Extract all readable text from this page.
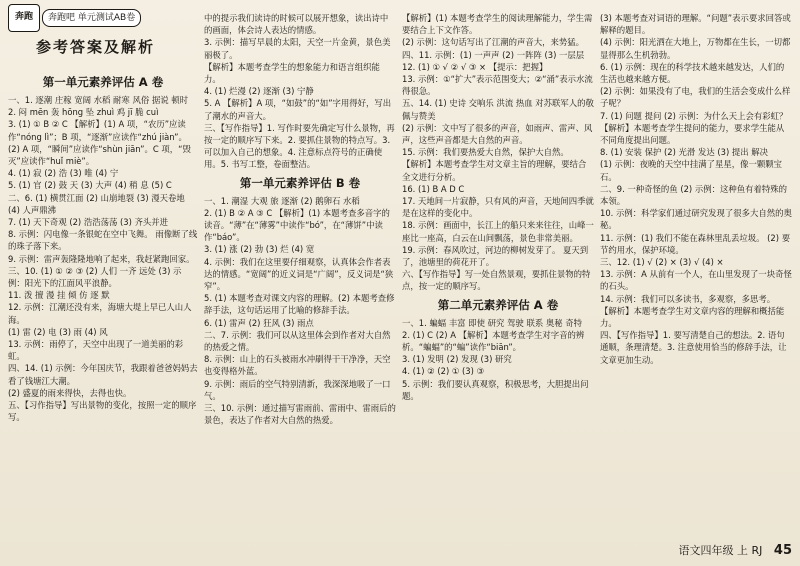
奔跑	奔跑吧 单元测试AB卷
参考答案及解析
第一单元素养评估 A 卷

一、1. 逐潮 庄稼 宽阔 水稻 耐寒 风俗 据说 顿时

2. 闷 mēn 轰 hōng 坠 zhuì 鸡 jī 脆 cuì

3. (1) ① B ② C 【解析】(1) A 项，“农历”应读作“nóng lì”；B 项，“逐渐”应读作“zhú jiàn”。(2) A 项，“瞬间”应读作“shùn jiān”。C 项，“毁灭”应读作“huǐ miè”。

4. (1) 寂 (2) 浩 (3) 唯 (4) 宁

5. (1) 官 (2) 鼓 天 (3) 大声 (4) 稍 息 (5) C

二、6. (1) 横贯江面 (2) 山崩地裂 (3) 漫天卷地 (4) 人声鼎沸

7. (1) 天下奇观 (2) 浩浩荡荡 (3) 齐头并进

8. 示例：闪电像一条银蛇在空中飞舞。 雨像断了线的珠子落下来。

9. 示例：雷声轰隆隆地响了起来，我赶紧跑回家。

三、10. (1) ① ② ③ (2) 人们 一齐 远处 (3) 示例：阳光下的江面风平浪静。

11. 泼 擅 漫 挂 倾 仿 逐 默

12. 示例：江潮还没有来，海塘大堤上早已人山人海。

(1) 雷 (2) 电 (3) 雨 (4) 风

13. 示例：雨停了，天空中出现了一道美丽的彩虹。

四、14. (1) 示例：今年国庆节，我跟着爸爸妈妈去看了钱塘江大潮。

(2) 盛夏的雨来得快，去得也快。

五、【习作指导】写出景物的变化，按照一定的顺序写。

中的提示我们读诗的时候可以展开想象，读出诗中的画面，体会诗人表达的情感。

3. 示例：描写早晨的太阳，天空一片金黄，景色美丽极了。

【解析】本题考查学生的想象能力和语言组织能力。

4. (1) 烂漫 (2) 逐渐 (3) 宁静

5. A 【解析】A 项，“如鼓”的“如”字用得好，写出了潮水的声音大。

三、【写作指导】1. 写作时要先确定写什么景物，再按一定的顺序写下来。2. 要抓住景物的特点写。3. 可以加入自己的想象。4. 注意标点符号的正确使用。5. 书写工整，卷面整洁。

第一单元素养评估 B 卷

一、1. 潮湿 大观 旅 逐渐 (2) 鹅卵石 水稻

2. (1) B ② A ③ C 【解析】(1) 本题考查多音字的读音。“薄”在“薄雾”中读作“bó”，在“薄饼”中读作“báo”。

3. (1) 涨 (2) 勃 (3) 烂 (4) 宽

4. 示例：我们在这里要仔细观察，认真体会作者表达的情感。“宽阔”的近义词是“广阔”，反义词是“狭窄”。

5. (1) 本题考查对课文内容的理解。(2) 本题考查修辞手法，这句话运用了比喻的修辞手法。

6. (1) 雷声 (2) 狂风 (3) 雨点

二、7. 示例：我们可以从这里体会到作者对大自然的热爱之情。

8. 示例：山上的石头被雨水冲刷得干干净净，天空也变得格外蓝。

9. 示例：雨后的空气特别清新，我深深地吸了一口气。

三、10. 示例：通过描写雷雨前、雷雨中、雷雨后的景色，表达了作者对大自然的热爱。

【解析】(1) 本题考查学生的阅读理解能力，学生需要结合上下文作答。

(2) 示例：这句话写出了江潮的声音大，来势猛。

四、11. 示例：(1) 一声声 (2) 一阵阵 (3) 一层层

12. (1) ① √ ② √ ③ × 【提示：把握】

13. 示例：①“扩大”表示范围变大；②“涌”表示水流得很急。

五、14. (1) 史诗 交响乐 洪流 热血 对苏联军人的敬佩与赞美

(2) 示例：文中写了很多的声音，如雨声、雷声、风声，这些声音都是大自然的声音。

15. 示例：我们要热爱大自然，保护大自然。

【解析】本题考查学生对文章主旨的理解，要结合全文进行分析。

16. (1) B A D C

17. 天地间一片寂静，只有风的声音，天地间四季就是在这样的变化中。

18. 示例：画面中，长江上的船只来来往往，山峰一座比一座高，白云在山间飘荡，景色非常美丽。

19. 示例：春风吹过，河边的柳树发芽了。 夏天到了，池塘里的荷花开了。

六、【写作指导】写一处自然景观，要抓住景物的特点，按一定的顺序写。

第二单元素养评估 A 卷

一、1. 蝙蝠 丰富 即使 研究 驾驶 联系 奥秘 奇特

2. (1) C (2) A 【解析】本题考查学生对字音的辨析。“蝙蝠”的“蝙”读作“biān”。

3. (1) 发明 (2) 发现 (3) 研究

4. (1) ② (2) ① (3) ③

5. 示例：我们要认真观察，积极思考，大胆提出问题。

(3) 本题考查对词语的理解。“问题”表示要求回答或解释的题目。

(4) 示例：阳光洒在大地上，万物都在生长，一切都显得那么生机勃勃。

6. (1) 示例：现在的科学技术越来越发达，人们的生活也越来越方便。

(2) 示例：如果没有了电，我们的生活会变成什么样子呢？

7. (1) 问题 提问 (2) 示例：为什么天上会有彩虹？

【解析】本题考查学生提问的能力，要求学生能从不同角度提出问题。

8. (1) 安装 保护 (2) 光滑 发达 (3) 提出 解决

(1) 示例：夜晚的天空中挂满了星星，像一颗颗宝石。

二、9. 一种奇怪的鱼 (2) 示例：这种鱼有着特殊的本领。

10. 示例：科学家们通过研究发现了很多大自然的奥秘。

11. 示例：(1) 我们不能在森林里乱丢垃圾。 (2) 要节约用水，保护环境。

三、12. (1) √ (2) × (3) √ (4) ×

13. 示例：A 从前有一个人，在山里发现了一块奇怪的石头。

14. 示例：我们可以多读书，多观察，多思考。

【解析】本题考查学生对文章内容的理解和概括能力。

四、【写作指导】1. 要写清楚自己的想法。2. 语句通顺，条理清楚。3. 注意使用恰当的修辞手法，让文章更加生动。

语文四年级 上 RJ 45
